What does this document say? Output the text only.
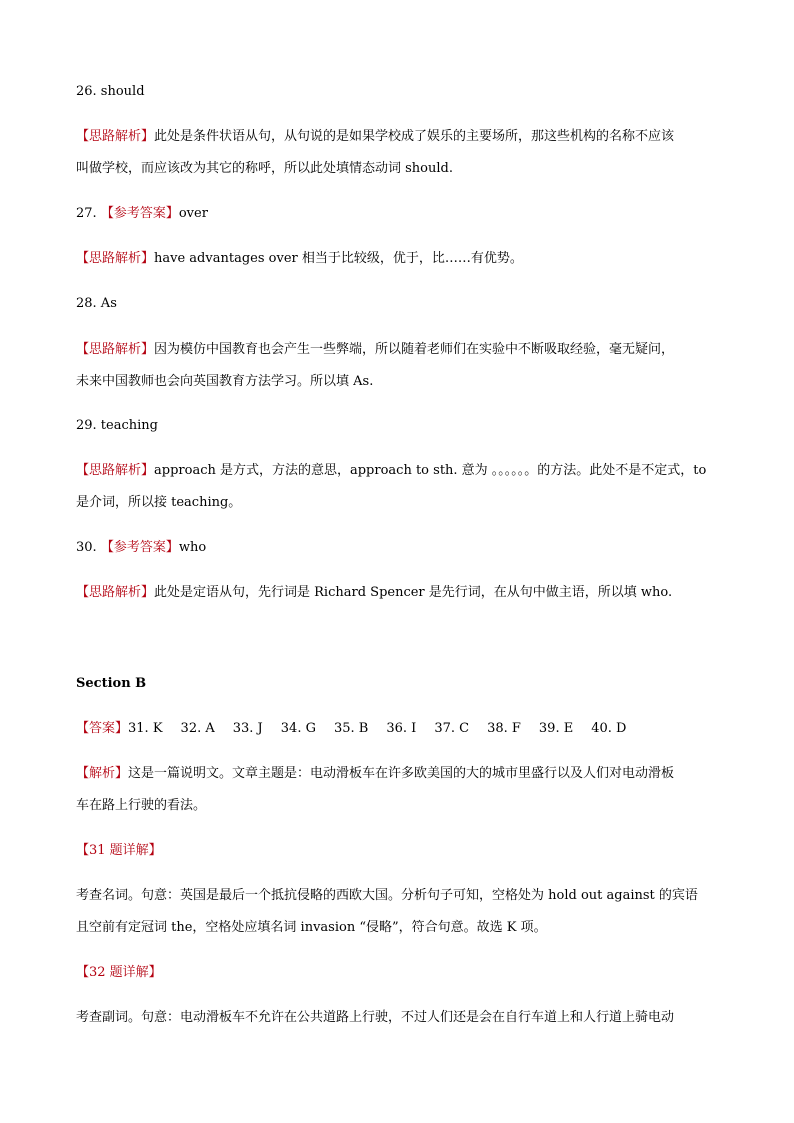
26. should
【思路解析】此处是条件状语从句，从句说的是如果学校成了娱乐的主要场所，那这些机构的名称不应该
叫做学校，而应该改为其它的称呼，所以此处填情态动词 should.
27. 【参考答案】over
【思路解析】have advantages over 相当于比较级，优于，比……有优势。
28. As
【思路解析】因为模仿中国教育也会产生一些弊端，所以随着老师们在实验中不断吸取经验，毫无疑问，
未来中国教师也会向英国教育方法学习。所以填 As.
29. teaching
【思路解析】approach 是方式，方法的意思，approach to sth. 意为 。。。。。。的方法。此处不是不定式，to
是介词，所以接 teaching。
30. 【参考答案】who
【思路解析】此处是定语从句，先行词是 Richard Spencer 是先行词，在从句中做主语，所以填 who.
Section B
【答案】31. K 32. A 33. J 34. G 35. B 36. I 37. C 38. F 39. E 40. D
【解析】这是一篇说明文。文章主题是：电动滑板车在许多欧美国的大的城市里盛行以及人们对电动滑板
车在路上行驶的看法。
【31 题详解】
考查名词。句意：英国是最后一个抵抗侵略的西欧大国。分析句子可知，空格处为 hold out against 的宾语
且空前有定冠词 the，空格处应填名词 invasion “侵略”，符合句意。故选 K 项。
【32 题详解】
考查副词。句意：电动滑板车不允许在公共道路上行驶，不过人们还是会在自行车道上和人行道上骑电动
